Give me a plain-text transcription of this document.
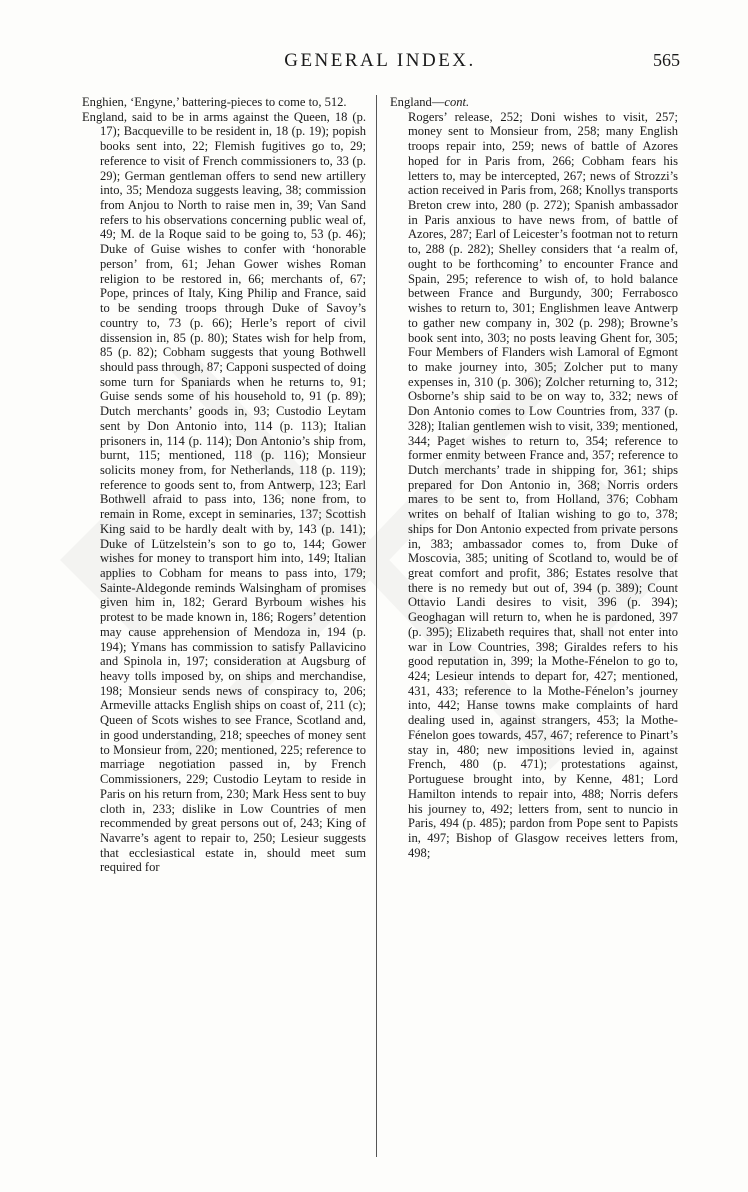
GENERAL INDEX.	565

Enghien, ‘Engyne,’ battering-pieces to come to, 512.

England, said to be in arms against the Queen, 18 (p. 17); Bacqueville to be resident in, 18 (p. 19); popish books sent into, 22; Flemish fugitives go to, 29; reference to visit of French commissioners to, 33 (p. 29); German gentleman offers to send new artillery into, 35; Mendoza suggests leaving, 38; commission from Anjou to North to raise men in, 39; Van Sand refers to his observations concerning public weal of, 49; M. de la Roque said to be going to, 53 (p. 46); Duke of Guise wishes to confer with ‘honorable person’ from, 61; Jehan Gower wishes Roman religion to be restored in, 66; merchants of, 67; Pope, princes of Italy, King Philip and France, said to be sending troops through Duke of Savoy’s country to, 73 (p. 66); Herle’s report of civil dissension in, 85 (p. 80); States wish for help from, 85 (p. 82); Cobham suggests that young Bothwell should pass through, 87; Capponi suspected of doing some turn for Spaniards when he returns to, 91; Guise sends some of his household to, 91 (p. 89); Dutch merchants’ goods in, 93; Custodio Leytam sent by Don Antonio into, 114 (p. 113); Italian prisoners in, 114 (p. 114); Don Antonio’s ship from, burnt, 115; mentioned, 118 (p. 116); Monsieur solicits money from, for Netherlands, 118 (p. 119); reference to goods sent to, from Antwerp, 123; Earl Bothwell afraid to pass into, 136; none from, to remain in Rome, except in seminaries, 137; Scottish King said to be hardly dealt with by, 143 (p. 141); Duke of Lützelstein’s son to go to, 144; Gower wishes for money to transport him into, 149; Italian applies to Cobham for means to pass into, 179; Sainte-Aldegonde reminds Walsingham of promises given him in, 182; Gerard Byrboum wishes his protest to be made known in, 186; Rogers’ detention may cause apprehension of Mendoza in, 194 (p. 194); Ymans has commission to satisfy Pallavicino and Spinola in, 197; consideration at Augsburg of heavy tolls imposed by, on ships and merchandise, 198; Monsieur sends news of conspiracy to, 206; Armeville attacks English ships on coast of, 211 (c); Queen of Scots wishes to see France, Scotland and, in good understanding, 218; speeches of money sent to Monsieur from, 220; mentioned, 225; reference to marriage negotiation passed in, by French Commissioners, 229; Custodio Leytam to reside in Paris on his return from, 230; Mark Hess sent to buy cloth in, 233; dislike in Low Countries of men recommended by great persons out of, 243; King of Navarre’s agent to repair to, 250; Lesieur suggests that ecclesiastical estate in, should meet sum required for

England—cont.

Rogers’ release, 252; Doni wishes to visit, 257; money sent to Monsieur from, 258; many English troops repair into, 259; news of battle of Azores hoped for in Paris from, 266; Cobham fears his letters to, may be intercepted, 267; news of Strozzi’s action received in Paris from, 268; Knollys transports Breton crew into, 280 (p. 272); Spanish ambassador in Paris anxious to have news from, of battle of Azores, 287; Earl of Leicester’s footman not to return to, 288 (p. 282); Shelley considers that ‘a realm of, ought to be forthcoming’ to encounter France and Spain, 295; reference to wish of, to hold balance between France and Burgundy, 300; Ferrabosco wishes to return to, 301; Englishmen leave Antwerp to gather new company in, 302 (p. 298); Browne’s book sent into, 303; no posts leaving Ghent for, 305; Four Members of Flanders wish Lamoral of Egmont to make journey into, 305; Zolcher put to many expenses in, 310 (p. 306); Zolcher returning to, 312; Osborne’s ship said to be on way to, 332; news of Don Antonio comes to Low Countries from, 337 (p. 328); Italian gentlemen wish to visit, 339; mentioned, 344; Paget wishes to return to, 354; reference to former enmity between France and, 357; reference to Dutch merchants’ trade in shipping for, 361; ships prepared for Don Antonio in, 368; Norris orders mares to be sent to, from Holland, 376; Cobham writes on behalf of Italian wishing to go to, 378; ships for Don Antonio expected from private persons in, 383; ambassador comes to, from Duke of Moscovia, 385; uniting of Scotland to, would be of great comfort and profit, 386; Estates resolve that there is no remedy but out of, 394 (p. 389); Count Ottavio Landi desires to visit, 396 (p. 394); Geoghagan will return to, when he is pardoned, 397 (p. 395); Elizabeth requires that, shall not enter into war in Low Countries, 398; Giraldes refers to his good reputation in, 399; la Mothe-Fénelon to go to, 424; Lesieur intends to depart for, 427; mentioned, 431, 433; reference to la Mothe-Fénelon’s journey into, 442; Hanse towns make complaints of hard dealing used in, against strangers, 453; la Mothe-Fénelon goes towards, 457, 467; reference to Pinart’s stay in, 480; new impositions levied in, against French, 480 (p. 471); protestations against, Portuguese brought into, by Kenne, 481; Lord Hamilton intends to repair into, 488; Norris defers his journey to, 492; letters from, sent to nuncio in Paris, 494 (p. 485); pardon from Pope sent to Papists in, 497; Bishop of Glasgow receives letters from, 498;
